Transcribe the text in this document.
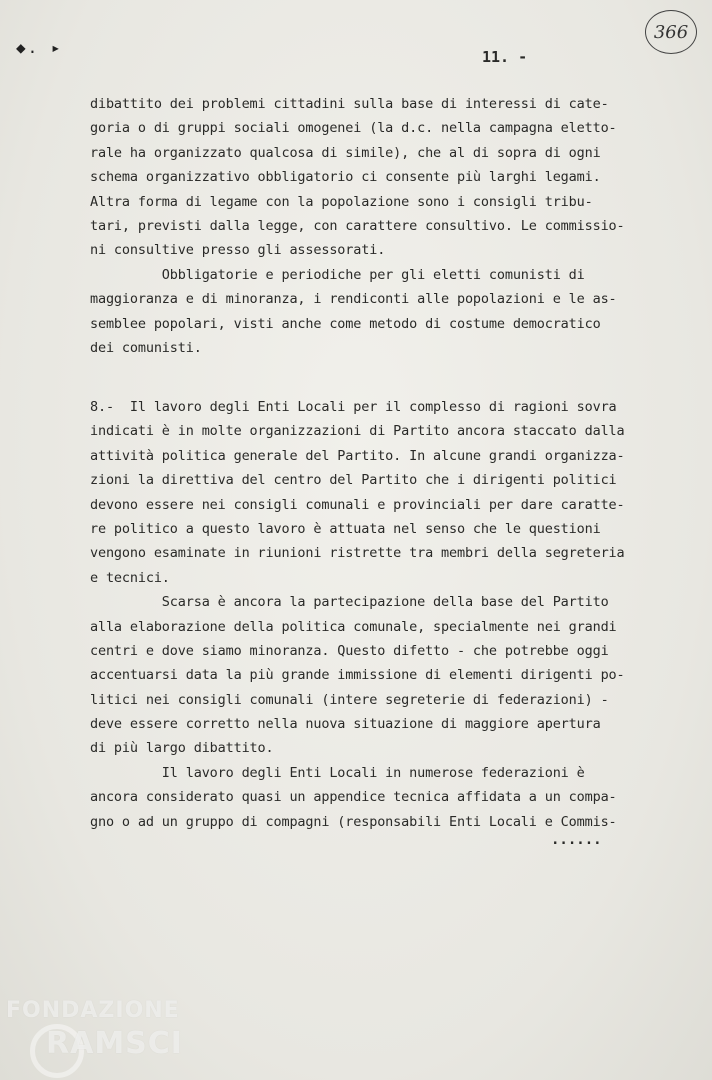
◆. ▸
366
11. -
dibattito dei problemi cittadini sulla base di interessi di cate-
goria o di gruppi sociali omogenei (la d.c. nella campagna eletto-
rale ha organizzato qualcosa di simile), che al di sopra di ogni
schema organizzativo obbligatorio ci consente più larghi legami.
Altra forma di legame con la popolazione sono i consigli tribu-
tari, previsti dalla legge, con carattere consultivo. Le commissio-
ni consultive presso gli assessorati.
Obbligatorie e periodiche per gli eletti comunisti di
maggioranza e di minoranza, i rendiconti alle popolazioni e le as-
semblee popolari, visti anche come metodo di costume democratico
dei comunisti.
8.-  Il lavoro degli Enti Locali per il complesso di ragioni sovra
indicati è in molte organizzazioni di Partito ancora staccato dalla
attività politica generale del Partito. In alcune grandi organizza-
zioni la direttiva del centro del Partito che i dirigenti politici
devono essere nei consigli comunali e provinciali per dare caratte-
re politico a questo lavoro è attuata nel senso che le questioni
vengono esaminate in riunioni ristrette tra membri della segreteria
e tecnici.
Scarsa è ancora la partecipazione della base del Partito
alla elaborazione della politica comunale, specialmente nei grandi
centri e dove siamo minoranza. Questo difetto - che potrebbe oggi
accentuarsi data la più grande immissione di elementi dirigenti po-
litici nei consigli comunali (intere segreterie di federazioni) -
deve essere corretto nella nuova situazione di maggiore apertura
di più largo dibattito.
Il lavoro degli Enti Locali in numerose federazioni è
ancora considerato quasi un appendice tecnica affidata a un compa-
gno o ad un gruppo di compagni (responsabili Enti Locali e Commis-
......
FONDAZIONE
RAMSCI
